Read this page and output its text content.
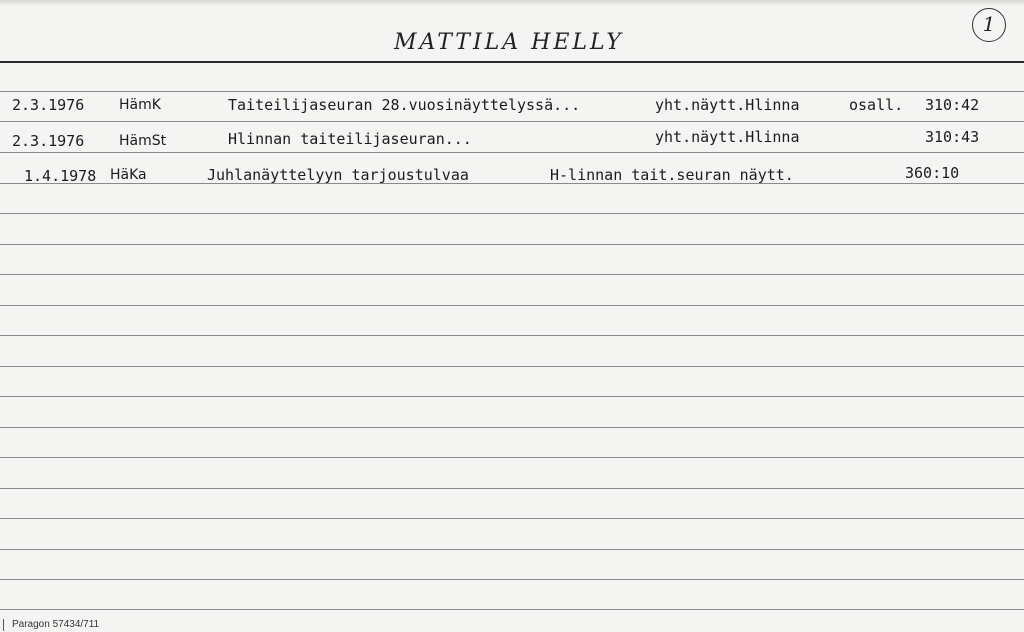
MATTILA HELLY
1
2.3.1976 HämK	Taiteilijaseuran 28.vuosinäyttelyssä...	yht.näytt.Hlinna	osall. 310:42
2.3.1976 HämSt	Hlinnan taiteilijaseuran...	yht.näytt.Hlinna	310:43
1.4.1978 HäKa	Juhlanäyttelyyn tarjoustulvaa	H-linnan tait.seuran näytt.	360:10
Paragon 57434/711
